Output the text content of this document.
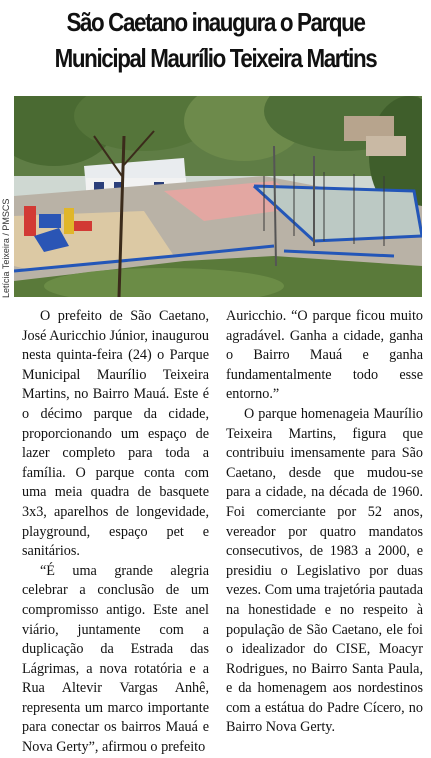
São Caetano inaugura o Parque
Municipal Maurílio Teixeira Martins
Letícia Teixeira / PMSCS

O prefeito de São Caetano, José Auricchio Júnior, inaugurou nesta quinta-feira (24) o Parque Municipal Maurílio Teixeira Martins, no Bairro Mauá. Este é o décimo parque da cidade, proporcionando um espaço de lazer completo para toda a família. O parque conta com uma meia quadra de basquete 3x3, aparelhos de longevidade, playground, espaço pet e sanitários.

“É uma grande alegria celebrar a conclusão de um compromisso antigo. Este anel viário, juntamente com a duplicação da Estrada das Lágrimas, a nova rotatória e a Rua Altevir Vargas Anhê, representa um marco importante para conectar os bairros Mauá e Nova Gerty”, afirmou o prefeito

Auricchio. “O parque ficou muito agradável. Ganha a cidade, ganha o Bairro Mauá e ganha fundamentalmente todo esse entorno.”

O parque homenageia Maurílio Teixeira Martins, figura que contribuiu imensamente para São Caetano, desde que mudou-se para a cidade, na década de 1960. Foi comerciante por 52 anos, vereador por quatro mandatos consecutivos, de 1983 a 2000, e presidiu o Legislativo por duas vezes. Com uma trajetória pautada na honestidade e no respeito à população de São Caetano, ele foi o idealizador do CISE, Moacyr Rodrigues, no Bairro Santa Paula, e da homenagem aos nordestinos com a estátua do Padre Cícero, no Bairro Nova Gerty.
